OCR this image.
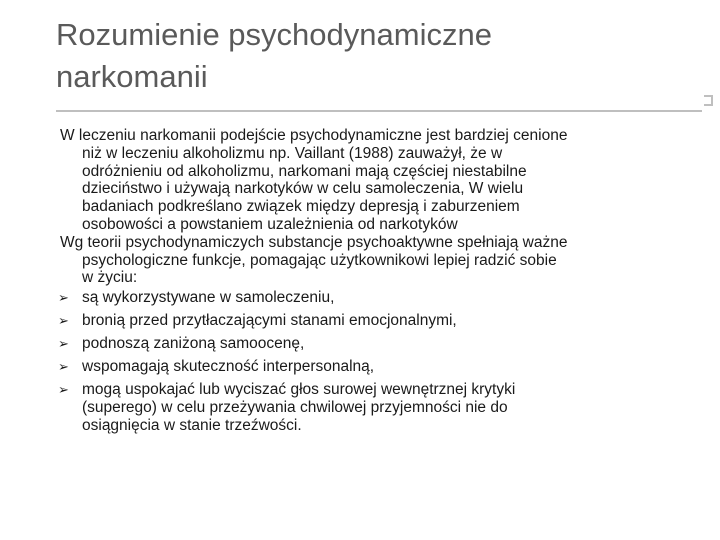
Rozumienie psychodynamiczne
narkomanii

W leczeniu narkomanii podejście psychodynamiczne jest bardziej cenione
niż w leczeniu alkoholizmu np. Vaillant (1988) zauważył, że w
odróżnieniu od alkoholizmu, narkomani mają częściej niestabilne
dzieciństwo i używają narkotyków w celu samoleczenia, W wielu
badaniach podkreślano związek między depresją i zaburzeniem
osobowości a powstaniem uzależnienia od narkotyków

Wg teorii psychodynamiczych substancje psychoaktywne spełniają ważne
psychologiczne funkcje, pomagając użytkownikowi lepiej radzić sobie
w życiu:

➢ są wykorzystywane w samoleczeniu,
➢ bronią przed przytłaczającymi stanami emocjonalnymi,
➢ podnoszą zaniżoną samoocenę,
➢ wspomagają skuteczność interpersonalną,
➢ mogą uspokajać lub wyciszać głos surowej wewnętrznej krytyki
(superego) w celu przeżywania chwilowej przyjemności nie do
osiągnięcia w stanie trzeźwości.
